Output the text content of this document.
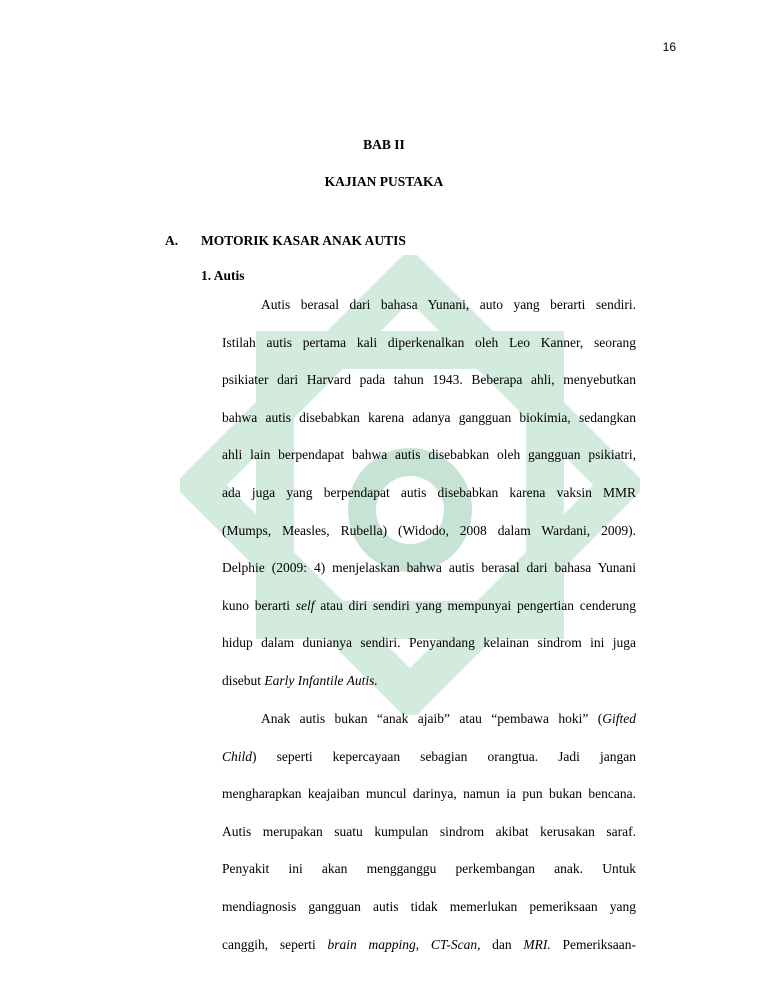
16
BAB II
KAJIAN PUSTAKA
A. MOTORIK KASAR ANAK AUTIS
1. Autis
Autis berasal dari bahasa Yunani, auto yang berarti sendiri.
Istilah autis pertama kali diperkenalkan oleh Leo Kanner, seorang
psikiater dari Harvard pada tahun 1943. Beberapa ahli, menyebutkan
bahwa autis disebabkan karena adanya gangguan biokimia, sedangkan
ahli lain berpendapat bahwa autis disebabkan oleh gangguan psikiatri,
ada juga yang berpendapat autis disebabkan karena vaksin MMR
(Mumps, Measles, Rubella) (Widodo, 2008 dalam Wardani, 2009).
Delphie (2009: 4) menjelaskan bahwa autis berasal dari bahasa Yunani
kuno berarti self atau diri sendiri yang mempunyai pengertian cenderung
hidup dalam dunianya sendiri. Penyandang kelainan sindrom ini juga
disebut Early Infantile Autis.
Anak autis bukan “anak ajaib” atau “pembawa hoki” (Gifted
Child) seperti kepercayaan sebagian orangtua. Jadi jangan
mengharapkan keajaiban muncul darinya, namun ia pun bukan bencana.
Autis merupakan suatu kumpulan sindrom akibat kerusakan saraf.
Penyakit ini akan mengganggu perkembangan anak. Untuk
mendiagnosis gangguan autis tidak memerlukan pemeriksaan yang
canggih, seperti brain mapping, CT-Scan, dan MRI. Pemeriksaan-
